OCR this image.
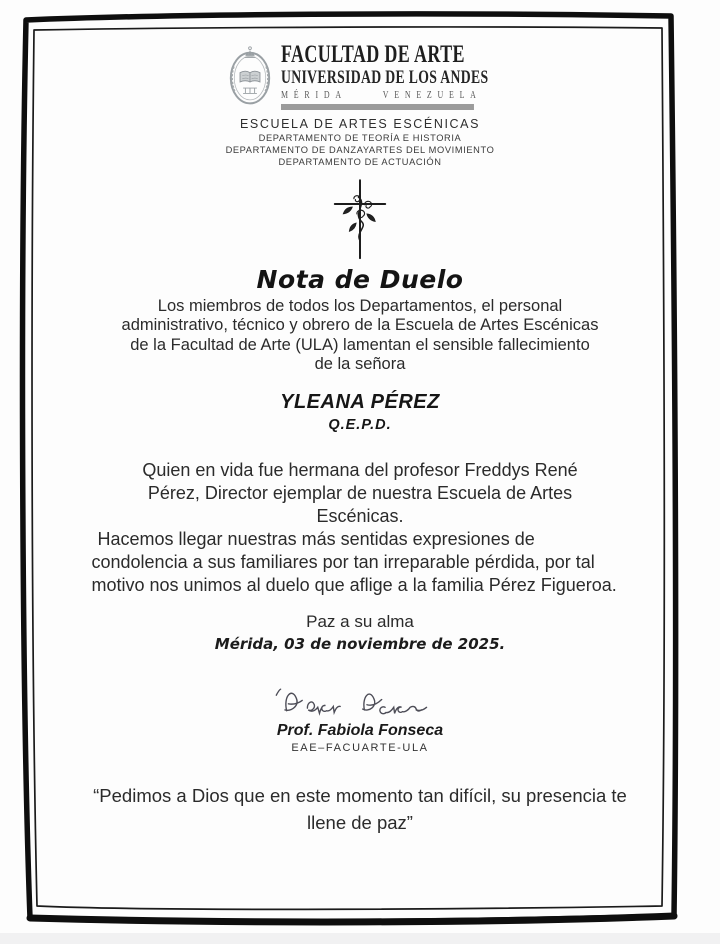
FACULTAD DE ARTE
UNIVERSIDAD DE LOS ANDES
MÉRIDA VENEZUELA
ESCUELA DE ARTES ESCÉNICAS
DEPARTAMENTO DE TEORÍA E HISTORIA
DEPARTAMENTO DE DANZAYARTES DEL MOVIMIENTO
DEPARTAMENTO DE ACTUACIÓN
Nota de Duelo

Los miembros de todos los Departamentos, el personal administrativo, técnico y obrero de la Escuela de Artes Escénicas de la Facultad de Arte (ULA) lamentan el sensible fallecimiento de la señora

YLEANA PÉREZ
Q.E.P.D.

Quien en vida fue hermana del profesor Freddys René Pérez, Director ejemplar de nuestra Escuela de Artes Escénicas.

Hacemos llegar nuestras más sentidas expresiones de condolencia a sus familiares por tan irreparable pérdida, por tal motivo nos unimos al duelo que aflige a la familia Pérez Figueroa.

Paz a su alma
Mérida, 03 de noviembre de 2025.
Prof. Fabiola Fonseca
EAE–FACUARTE-ULA

“Pedimos a Dios que en este momento tan difícil, su presencia te llene de paz”
